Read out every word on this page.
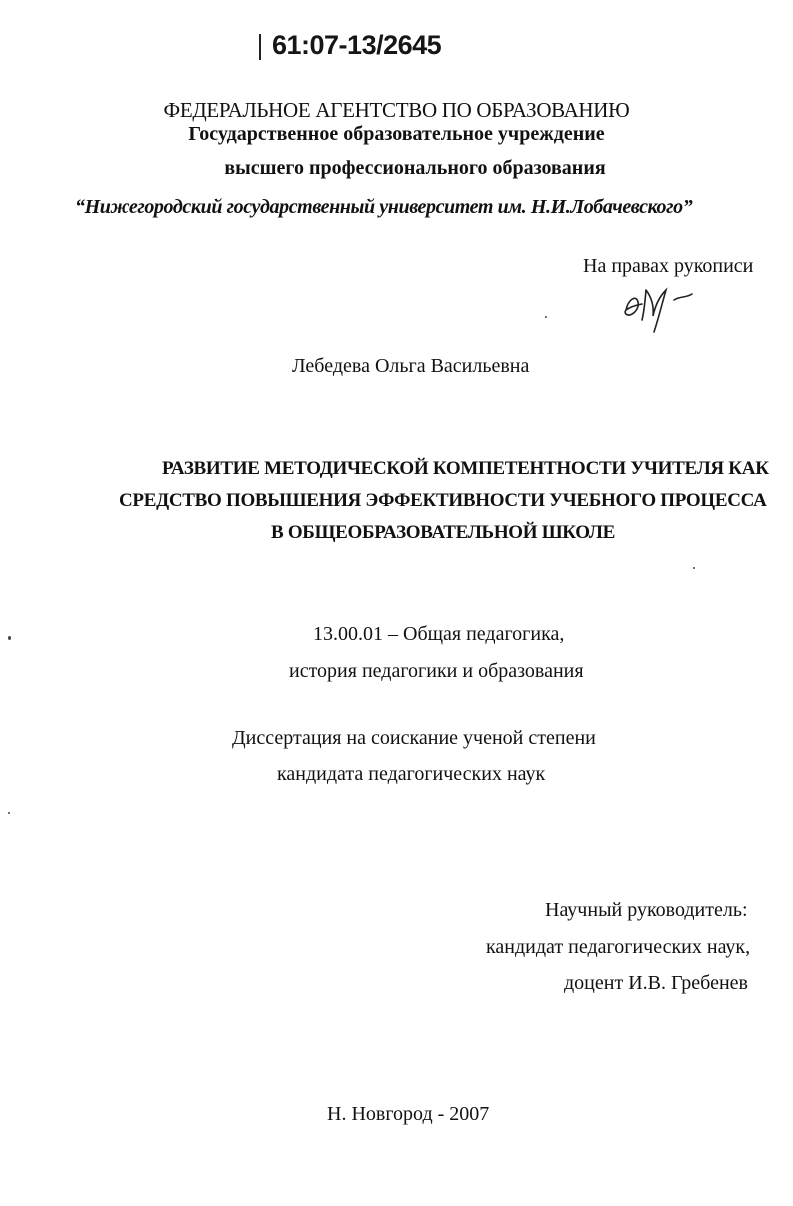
61:07-13/2645
ФЕДЕРАЛЬНОЕ АГЕНТСТВО ПО ОБРАЗОВАНИЮ
Государственное образовательное учреждение
высшего профессионального образования
“Нижегородский государственный университет им. Н.И.Лобачевского”
На правах рукописи
Лебедева Ольга Васильевна
РАЗВИТИЕ МЕТОДИЧЕСКОЙ КОМПЕТЕНТНОСТИ УЧИТЕЛЯ КАК
СРЕДСТВО ПОВЫШЕНИЯ ЭФФЕКТИВНОСТИ УЧЕБНОГО ПРОЦЕССА
В ОБЩЕОБРАЗОВАТЕЛЬНОЙ ШКОЛЕ
13.00.01 – Общая педагогика,
история педагогики и образования
Диссертация на соискание ученой степени
кандидата педагогических наук
Научный руководитель:
кандидат педагогических наук,
доцент И.В. Гребенев
Н. Новгород - 2007
